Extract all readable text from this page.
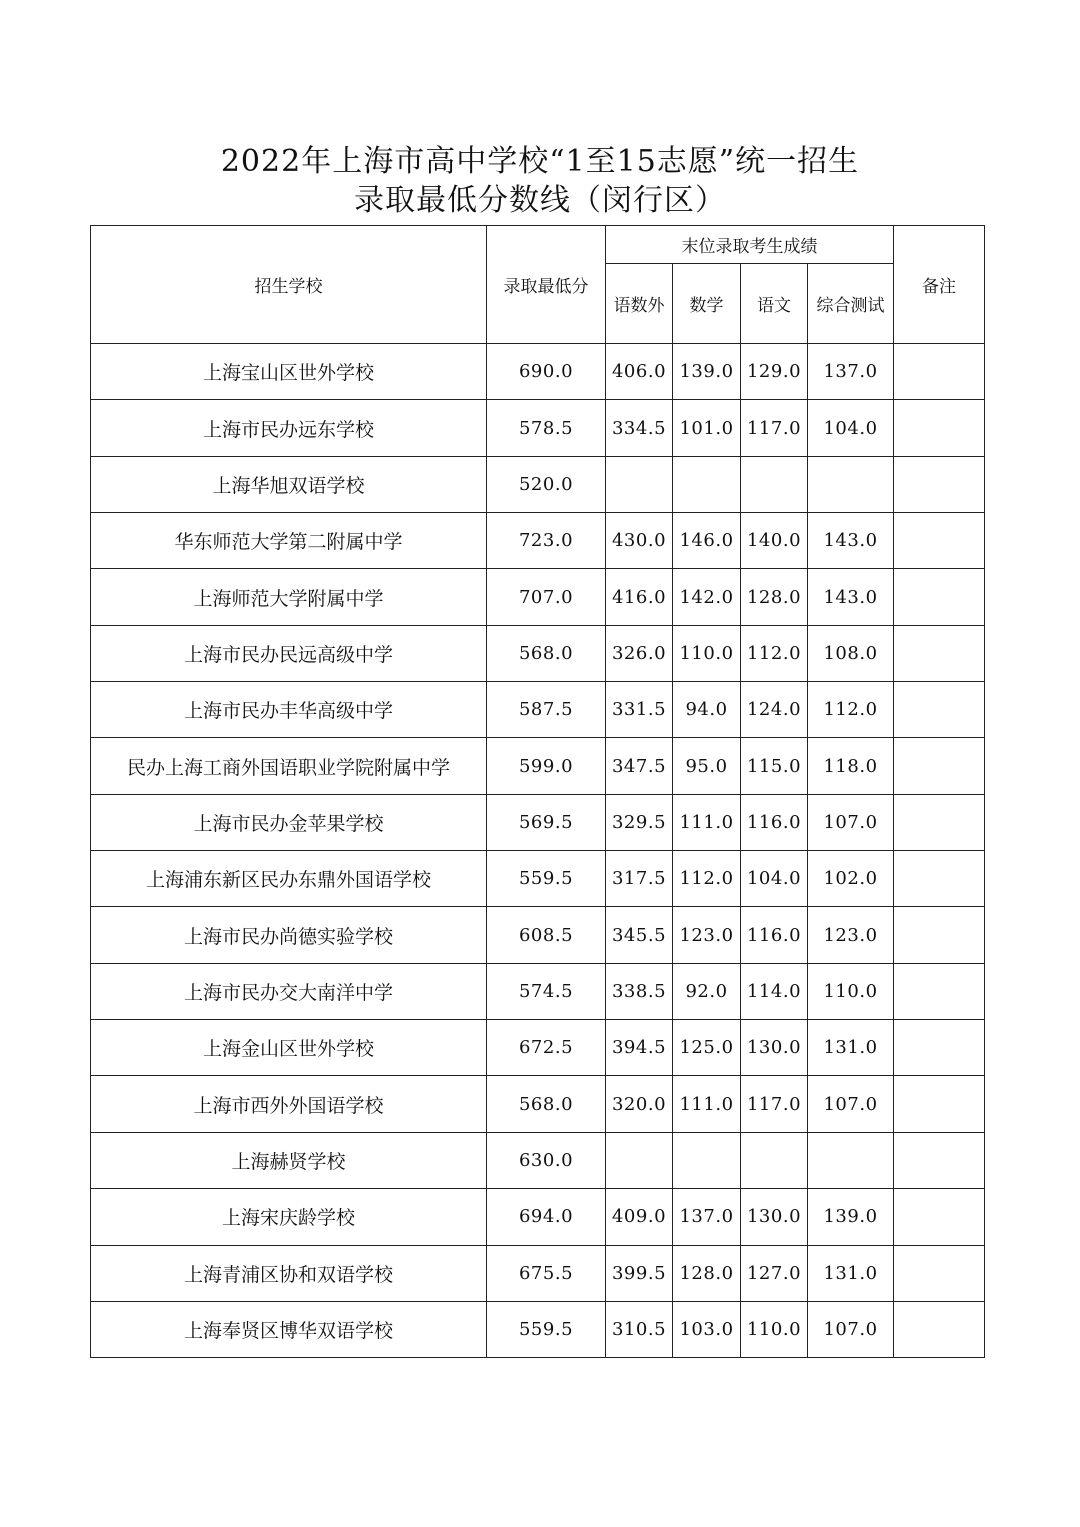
2022年上海市高中学校“1至15志愿”统一招生
录取最低分数线（闵行区）
招生学校	录取最低分	末位录取考生成绩				备注
		语数外	数学	语文	综合测试	
上海宝山区世外学校	690.0	406.0	139.0	129.0	137.0	
上海市民办远东学校	578.5	334.5	101.0	117.0	104.0	
上海华旭双语学校	520.0					
华东师范大学第二附属中学	723.0	430.0	146.0	140.0	143.0	
上海师范大学附属中学	707.0	416.0	142.0	128.0	143.0	
上海市民办民远高级中学	568.0	326.0	110.0	112.0	108.0	
上海市民办丰华高级中学	587.5	331.5	94.0	124.0	112.0	
民办上海工商外国语职业学院附属中学	599.0	347.5	95.0	115.0	118.0	
上海市民办金苹果学校	569.5	329.5	111.0	116.0	107.0	
上海浦东新区民办东鼎外国语学校	559.5	317.5	112.0	104.0	102.0	
上海市民办尚德实验学校	608.5	345.5	123.0	116.0	123.0	
上海市民办交大南洋中学	574.5	338.5	92.0	114.0	110.0	
上海金山区世外学校	672.5	394.5	125.0	130.0	131.0	
上海市西外外国语学校	568.0	320.0	111.0	117.0	107.0	
上海赫贤学校	630.0					
上海宋庆龄学校	694.0	409.0	137.0	130.0	139.0	
上海青浦区协和双语学校	675.5	399.5	128.0	127.0	131.0	
上海奉贤区博华双语学校	559.5	310.5	103.0	110.0	107.0	
